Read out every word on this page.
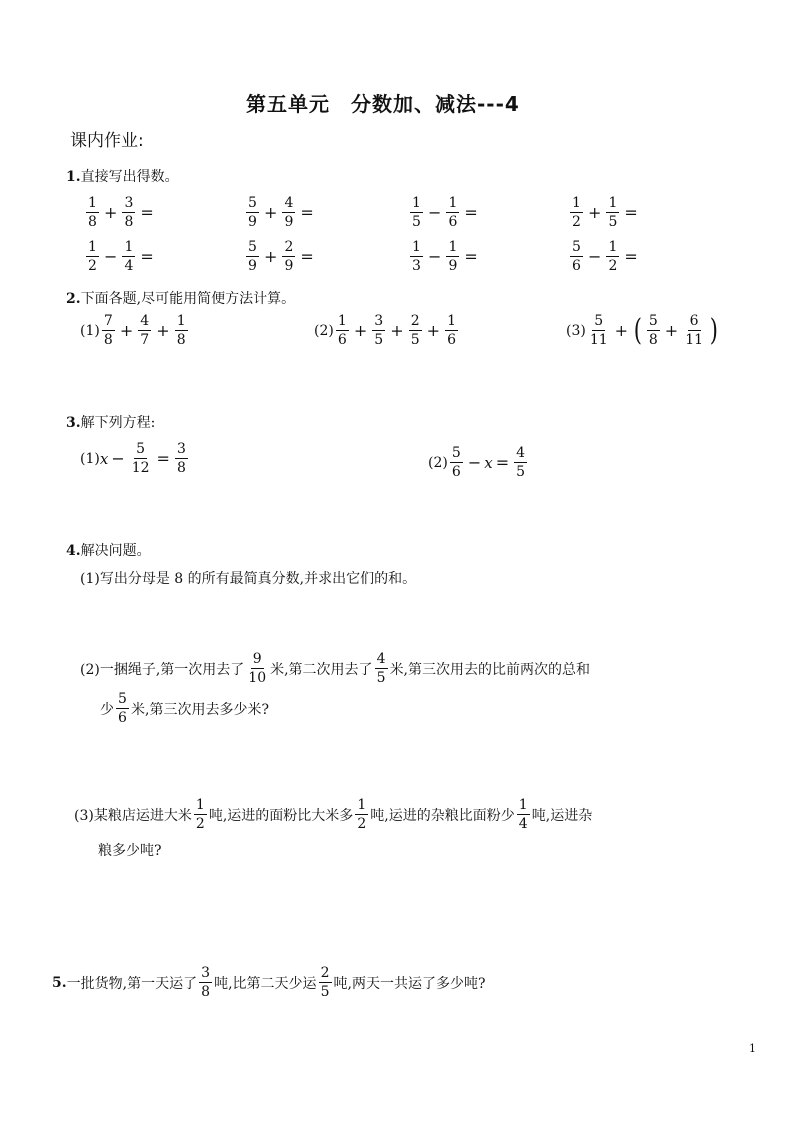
第五单元　分数加、减法---4
课内作业:
1.直接写出得数。
$\frac{1}{8} + \frac{3}{8}$ =	$\frac{5}{9} + \frac{4}{9}$ =	$\frac{1}{5} - \frac{1}{6}$ =	$\frac{1}{2} + \frac{1}{5}$ =
$\frac{1}{2} - \frac{1}{4}$ =	$\frac{5}{9} + \frac{2}{9}$ =	$\frac{1}{3} - \frac{1}{9}$ =	$\frac{5}{6} - \frac{1}{2}$ =
2.下面各题,尽可能用简便方法计算。
$(1) \frac{7}{8} + \frac{4}{7} + \frac{1}{8}$	$(2) \frac{1}{6} + \frac{3}{5} + \frac{2}{5} + \frac{1}{6}$	$(3) \frac{5}{11}$ + ( $\frac{5}{8} + \frac{6}{11}$ )
3.解下列方程:
(1) $x - \frac{5}{12} = \frac{3}{8}$	$(2) \frac{5}{6} - x = \frac{4}{5}$
4.解决问题。
(1)写出分母是 8 的所有最简真分数,并求出它们的和。
(2)一捆绳子,第一次用去了 $\frac{9}{10}$ 米,第二次用去了 $\frac{4}{5}$ 米,第三次用去的比前两次的总和
少 $\frac{5}{6}$ 米,第三次用去多少米?
(3)某粮店运进大米 $\frac{1}{2}$ 吨,运进的面粉比大米多 $\frac{1}{2}$ 吨,运进的杂粮比面粉少 $\frac{1}{4}$ 吨,运进杂
粮多少吨?
5. 一批货物,第一天运了 $\frac{3}{8}$ 吨,比第二天少运 $\frac{2}{5}$ 吨,两天一共运了多少吨?
1
